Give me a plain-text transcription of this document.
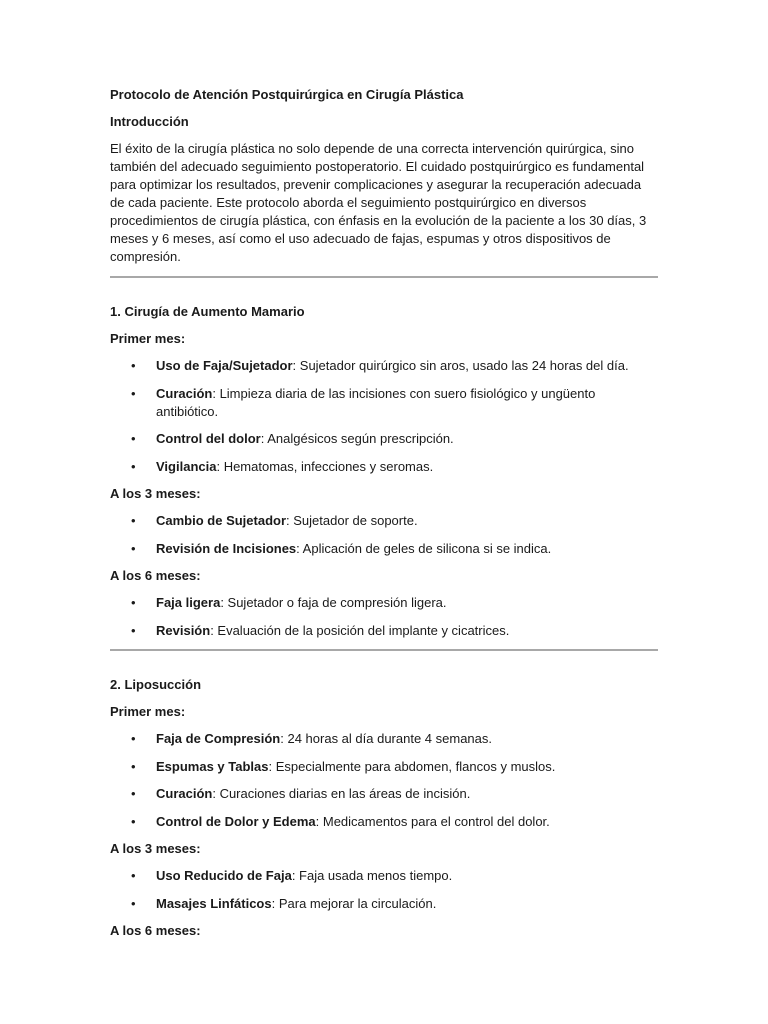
Protocolo de Atención Postquirúrgica en Cirugía Plástica

Introducción

El éxito de la cirugía plástica no solo depende de una correcta intervención quirúrgica, sino también del adecuado seguimiento postoperatorio. El cuidado postquirúrgico es fundamental para optimizar los resultados, prevenir complicaciones y asegurar la recuperación adecuada de cada paciente. Este protocolo aborda el seguimiento postquirúrgico en diversos procedimientos de cirugía plástica, con énfasis en la evolución de la paciente a los 30 días, 3 meses y 6 meses, así como el uso adecuado de fajas, espumas y otros dispositivos de compresión.

1. Cirugía de Aumento Mamario

Primer mes:

• Uso de Faja/Sujetador: Sujetador quirúrgico sin aros, usado las 24 horas del día.
• Curación: Limpieza diaria de las incisiones con suero fisiológico y ungüento antibiótico.
• Control del dolor: Analgésicos según prescripción.
• Vigilancia: Hematomas, infecciones y seromas.

A los 3 meses:

• Cambio de Sujetador: Sujetador de soporte.
• Revisión de Incisiones: Aplicación de geles de silicona si se indica.

A los 6 meses:

• Faja ligera: Sujetador o faja de compresión ligera.
• Revisión: Evaluación de la posición del implante y cicatrices.

2. Liposucción

Primer mes:

• Faja de Compresión: 24 horas al día durante 4 semanas.
• Espumas y Tablas: Especialmente para abdomen, flancos y muslos.
• Curación: Curaciones diarias en las áreas de incisión.
• Control de Dolor y Edema: Medicamentos para el control del dolor.

A los 3 meses:

• Uso Reducido de Faja: Faja usada menos tiempo.
• Masajes Linfáticos: Para mejorar la circulación.

A los 6 meses:
